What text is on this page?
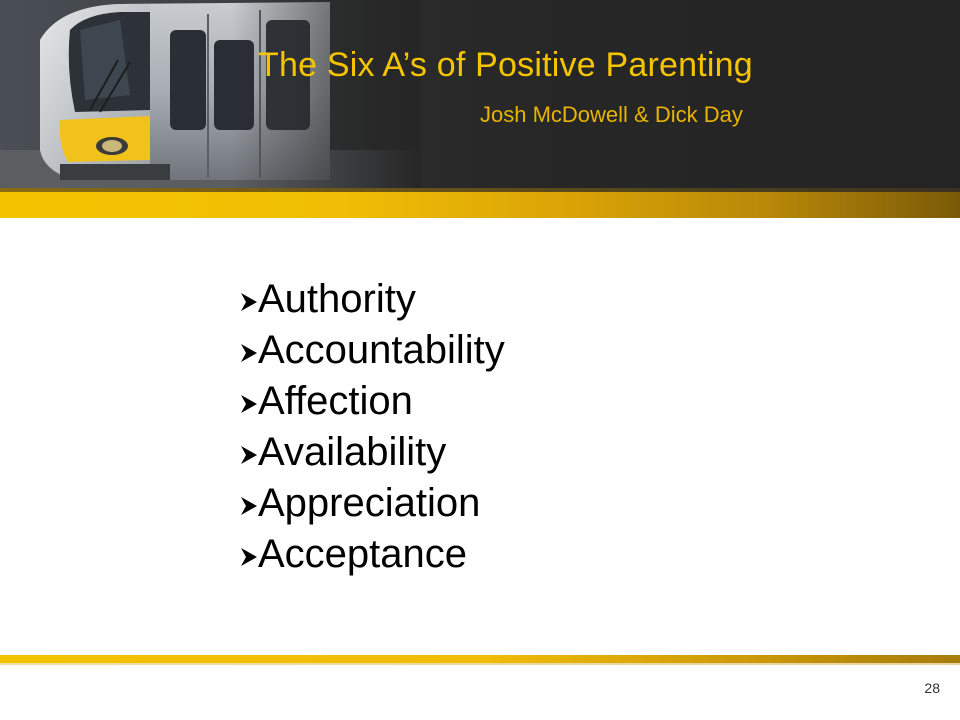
The Six A’s of Positive Parenting
Josh McDowell & Dick Day
Authority
Accountability
Affection
Availability
Appreciation
Acceptance

28
